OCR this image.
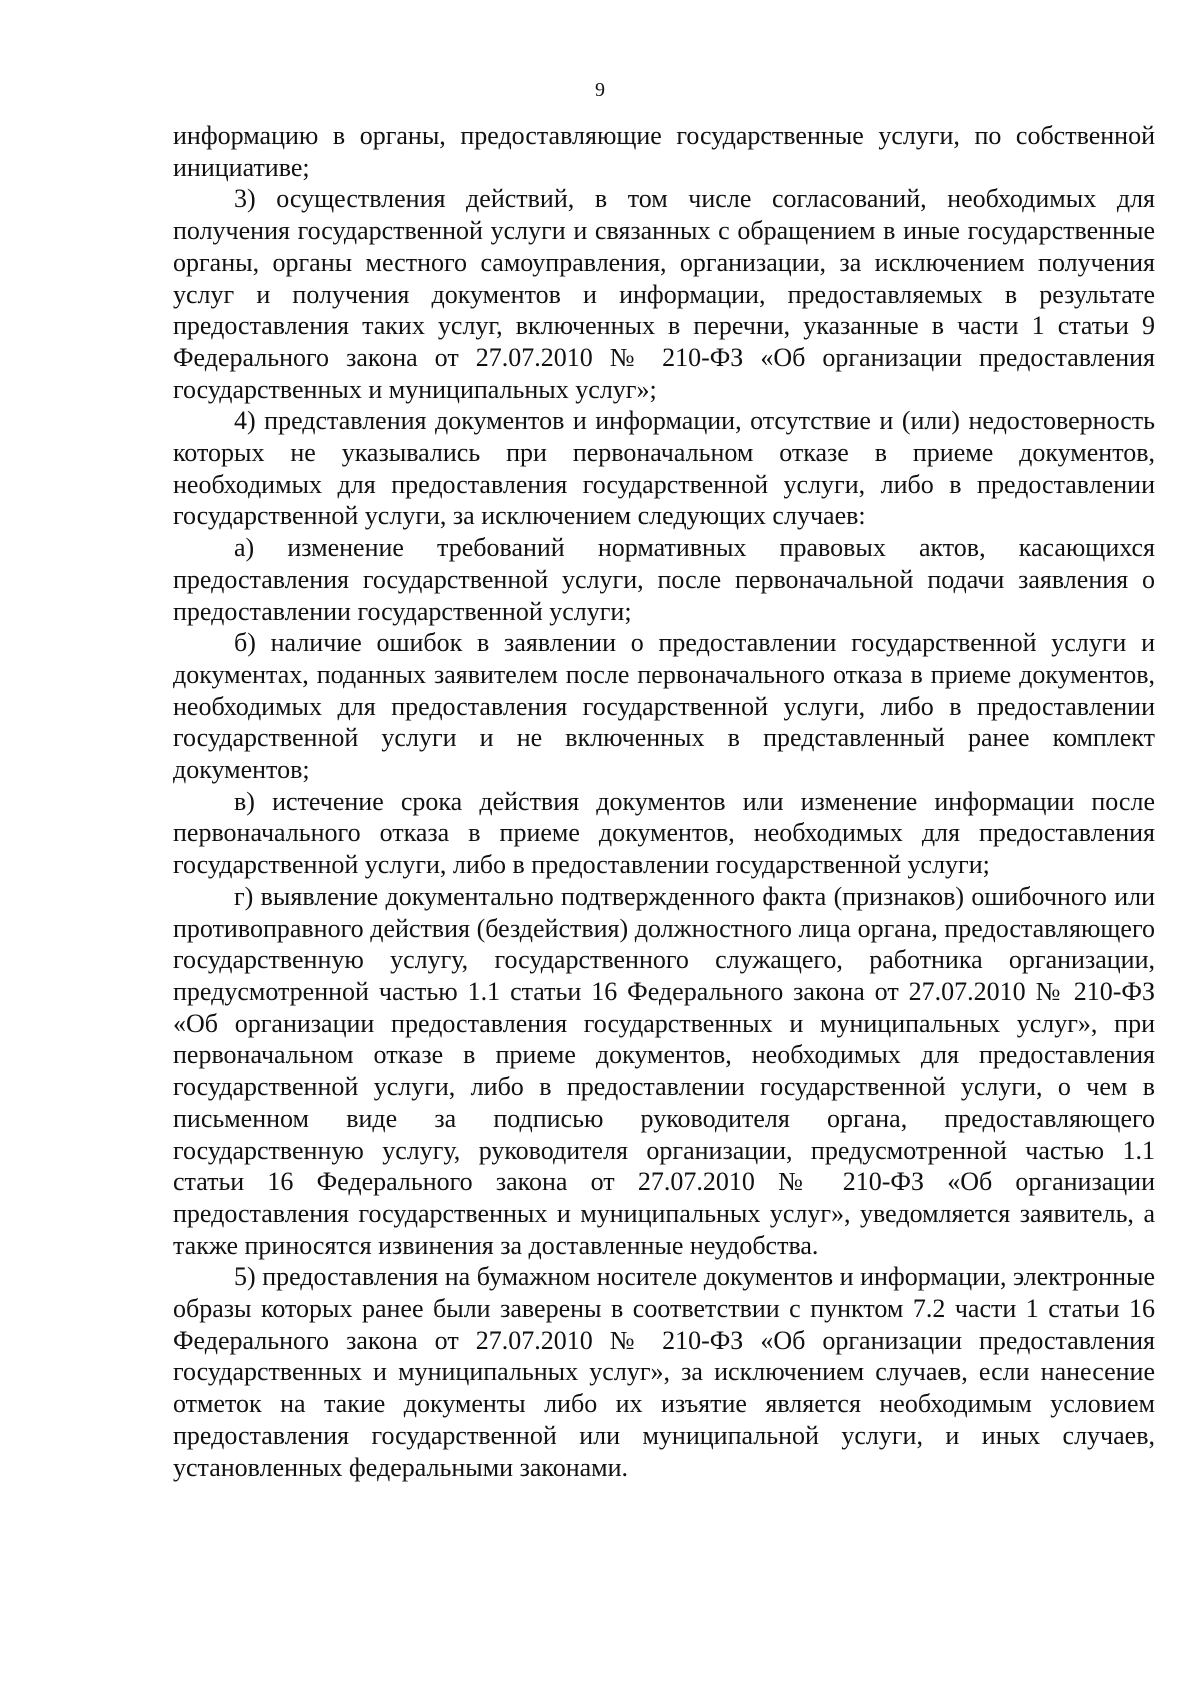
9

информацию в органы, предоставляющие государственные услуги, по собственной инициативе;

3) осуществления действий, в том числе согласований, необходимых для получения государственной услуги и связанных с обращением в иные государственные органы, органы местного самоуправления, организации, за исключением получения услуг и получения документов и информации, предоставляемых в результате предоставления таких услуг, включенных в перечни, указанные в части 1 статьи 9 Федерального закона от 27.07.2010 № 210-ФЗ «Об организации предоставления государственных и муниципальных услуг»;

4) представления документов и информации, отсутствие и (или) недостоверность которых не указывались при первоначальном отказе в приеме документов, необходимых для предоставления государственной услуги, либо в предоставлении государственной услуги, за исключением следующих случаев:

а) изменение требований нормативных правовых актов, касающихся предоставления государственной услуги, после первоначальной подачи заявления о предоставлении государственной услуги;

б) наличие ошибок в заявлении о предоставлении государственной услуги и документах, поданных заявителем после первоначального отказа в приеме документов, необходимых для предоставления государственной услуги, либо в предоставлении государственной услуги и не включенных в представленный ранее комплект документов;

в) истечение срока действия документов или изменение информации после первоначального отказа в приеме документов, необходимых для предоставления государственной услуги, либо в предоставлении государственной услуги;

г) выявление документально подтвержденного факта (признаков) ошибочного или противоправного действия (бездействия) должностного лица органа, предоставляющего государственную услугу, государственного служащего, работника организации, предусмотренной частью 1.1 статьи 16 Федерального закона от 27.07.2010 № 210-ФЗ «Об организации предоставления государственных и муниципальных услуг», при первоначальном отказе в приеме документов, необходимых для предоставления государственной услуги, либо в предоставлении государственной услуги, о чем в письменном виде за подписью руководителя органа, предоставляющего государственную услугу, руководителя организации, предусмотренной частью 1.1 статьи 16 Федерального закона от 27.07.2010 № 210-ФЗ «Об организации предоставления государственных и муниципальных услуг», уведомляется заявитель, а также приносятся извинения за доставленные неудобства.

5) предоставления на бумажном носителе документов и информации, электронные образы которых ранее были заверены в соответствии с пунктом 7.2 части 1 статьи 16 Федерального закона от 27.07.2010 № 210-ФЗ «Об организации предоставления государственных и муниципальных услуг», за исключением случаев, если нанесение отметок на такие документы либо их изъятие является необходимым условием предоставления государственной или муниципальной услуги, и иных случаев, установленных федеральными законами.
